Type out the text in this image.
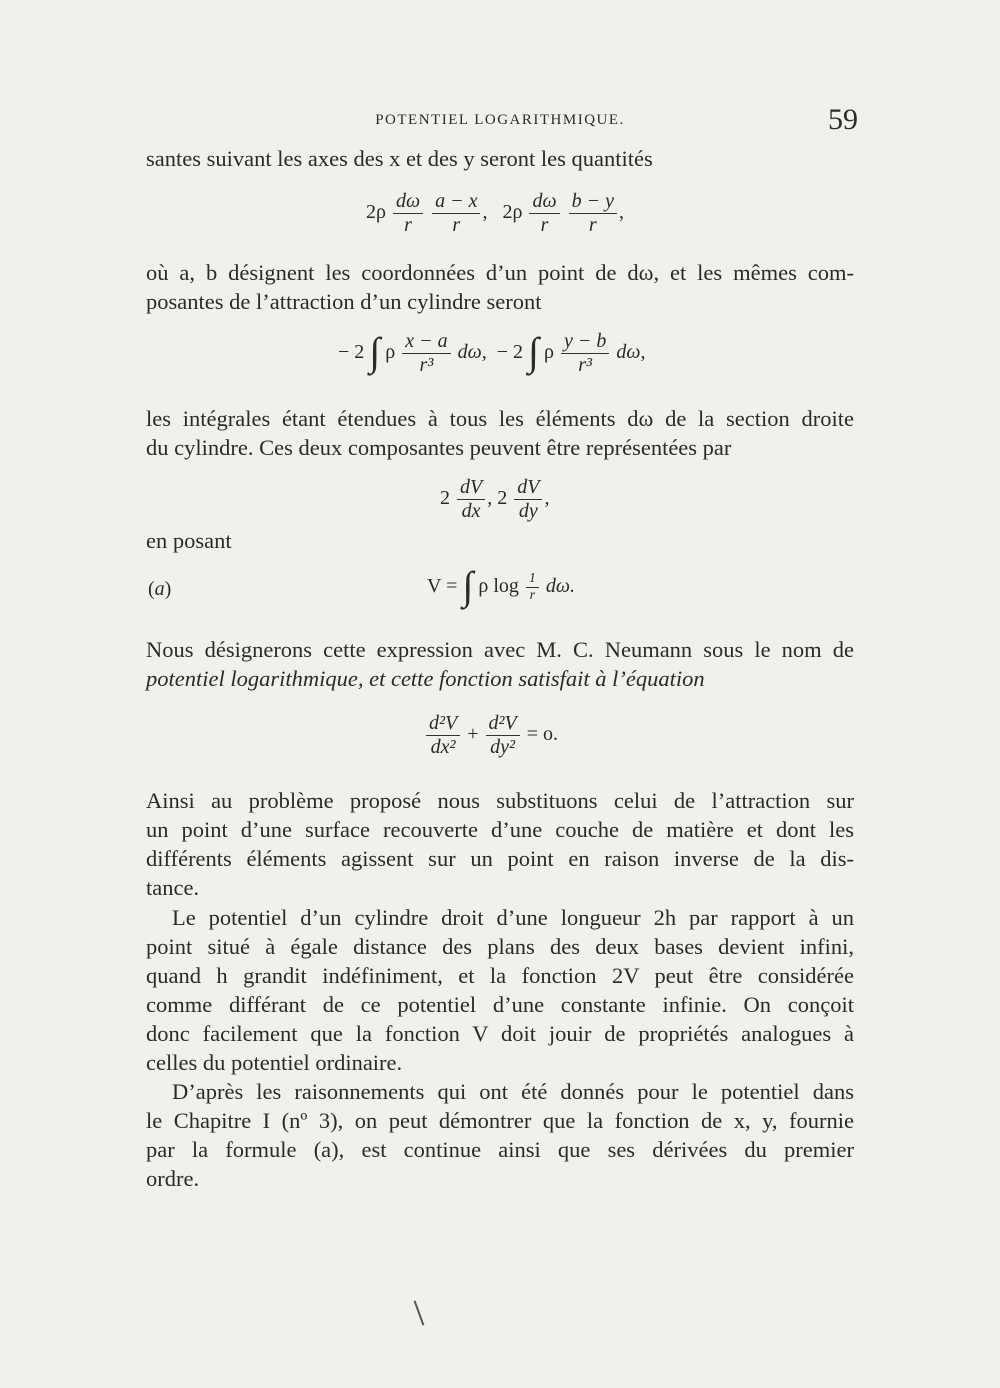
POTENTIEL LOGARITHMIQUE.	59

santes suivant les axes des x et des y seront les quantités

$2\rho \frac{d\omega}{r}$
$\frac{a - x}{r}$ , $2\rho \frac{d\omega}{r}$
$\frac{b - y}{r}$ ,

où a, b désignent les coordonnées d’un point de dω, et les mêmes com-
posantes de l’attraction d’un cylindre seront

− 2 ∫ ρ $\frac{x - a}{\text{r³}} d\omega$, − 2 ∫ ρ $\frac{y - b}{\text{r³}} d\omega$,

les intégrales étant étendues à tous les éléments dω de la section droite
du cylindre. Ces deux composantes peuvent être représentées par

$2 \frac{dV}{dx}$ , $2 \frac{dV}{dy}$ ,

en posant

(a)	V = ∫ ρ $\log \frac{1}{r} d\omega$.

Nous désignerons cette expression avec M. C. Neumann sous le nom de
potentiel logarithmique, et cette fonction satisfait à l’équation

$\frac{\text{d²V}}{\text{dx²}} + \frac{\text{d²V}}{\text{dy²}} = o$.

Ainsi au problème proposé nous substituons celui de l’attraction sur
un point d’une surface recouverte d’une couche de matière et dont les
différents éléments agissent sur un point en raison inverse de la dis-
tance.

Le potentiel d’un cylindre droit d’une longueur 2h par rapport à un
point situé à égale distance des plans des deux bases devient infini,
quand h grandit indéfiniment, et la fonction 2V peut être considérée
comme différant de ce potentiel d’une constante infinie. On conçoit
donc facilement que la fonction V doit jouir de propriétés analogues à
celles du potentiel ordinaire.

D’après les raisonnements qui ont été donnés pour le potentiel dans
le Chapitre I (nº 3), on peut démontrer que la fonction de x, y, fournie
par la formule (a), est continue ainsi que ses dérivées du premier
ordre.
